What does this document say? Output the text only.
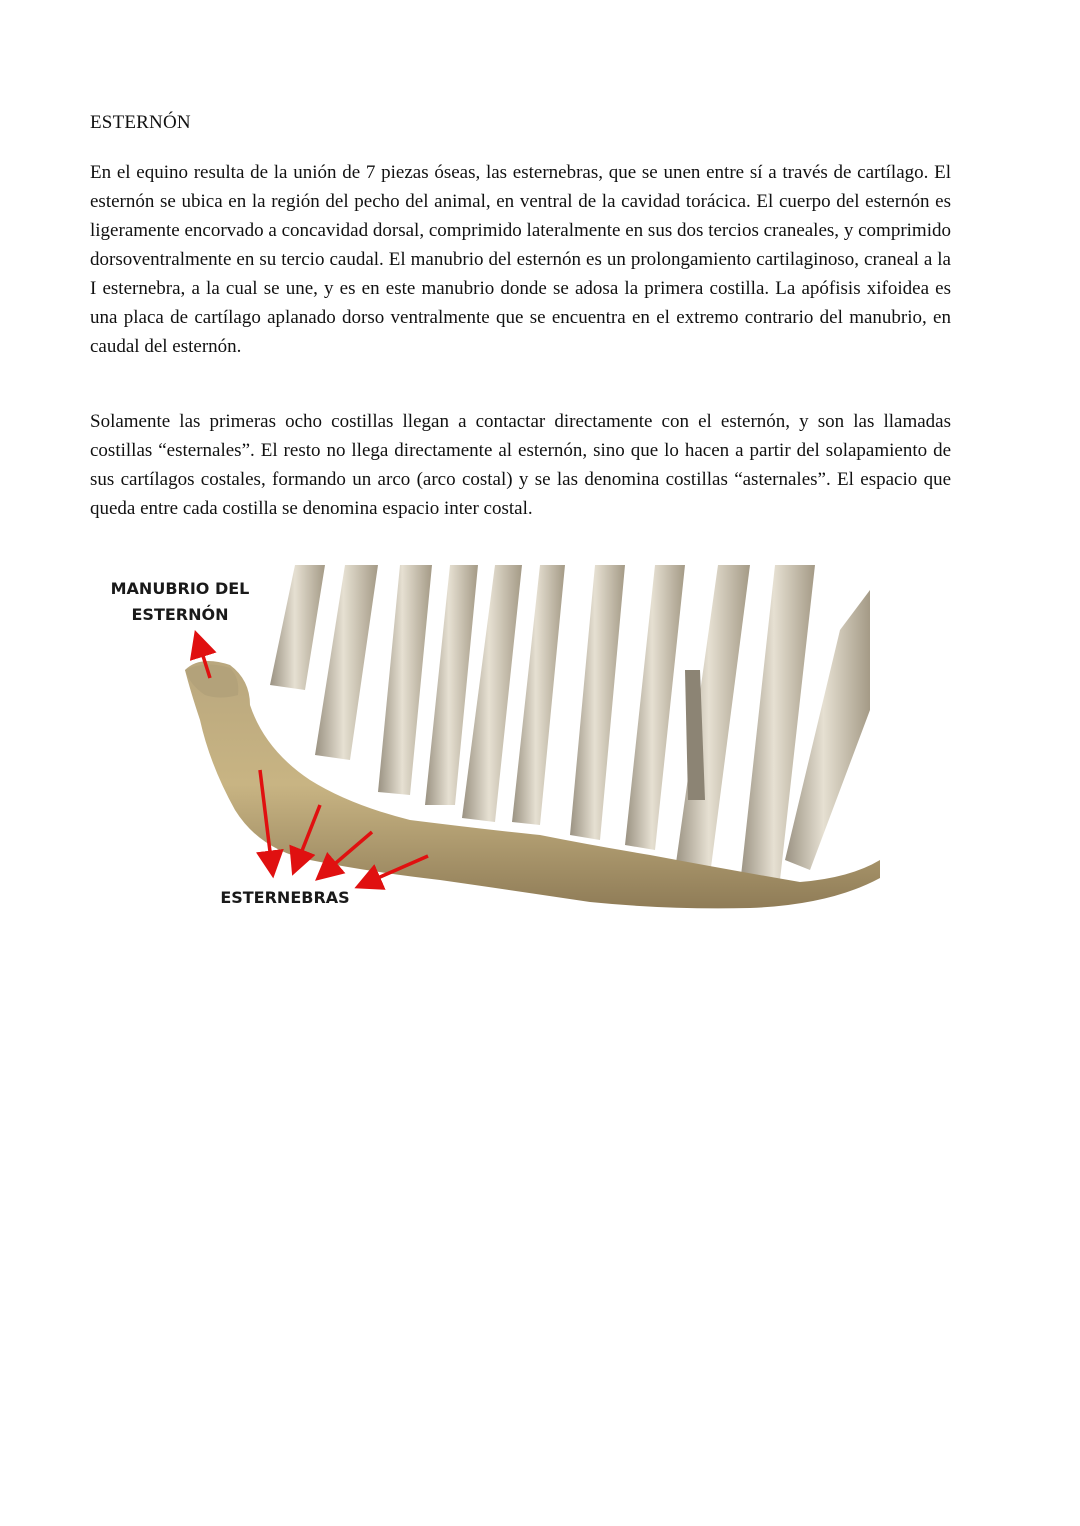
ESTERNÓN

En el equino resulta de la unión de 7 piezas óseas, las esternebras, que se unen entre sí a través de cartílago. El esternón se ubica en la región del pecho del animal, en ventral de la cavidad torácica. El cuerpo del esternón es ligeramente encorvado a concavidad dorsal, comprimido lateralmente en sus dos tercios craneales, y comprimido dorsoventralmente en su tercio caudal. El manubrio del esternón es un prolongamiento cartilaginoso, craneal a la I esternebra, a la cual se une, y es en este manubrio donde se adosa la primera costilla. La apófisis xifoidea es una placa de cartílago aplanado dorso ventralmente que se encuentra en el extremo contrario del manubrio, en caudal del esternón.

Solamente las primeras ocho costillas llegan a contactar directamente con el esternón, y son las llamadas costillas “esternales”. El resto no llega directamente al esternón, sino que lo hacen a partir del solapamiento de sus cartílagos costales, formando un arco (arco costal) y se las denomina costillas “asternales”. El espacio que queda entre cada costilla se denomina espacio inter costal.

MANUBRIO DEL
ESTERNÓN
ESTERNEBRAS
